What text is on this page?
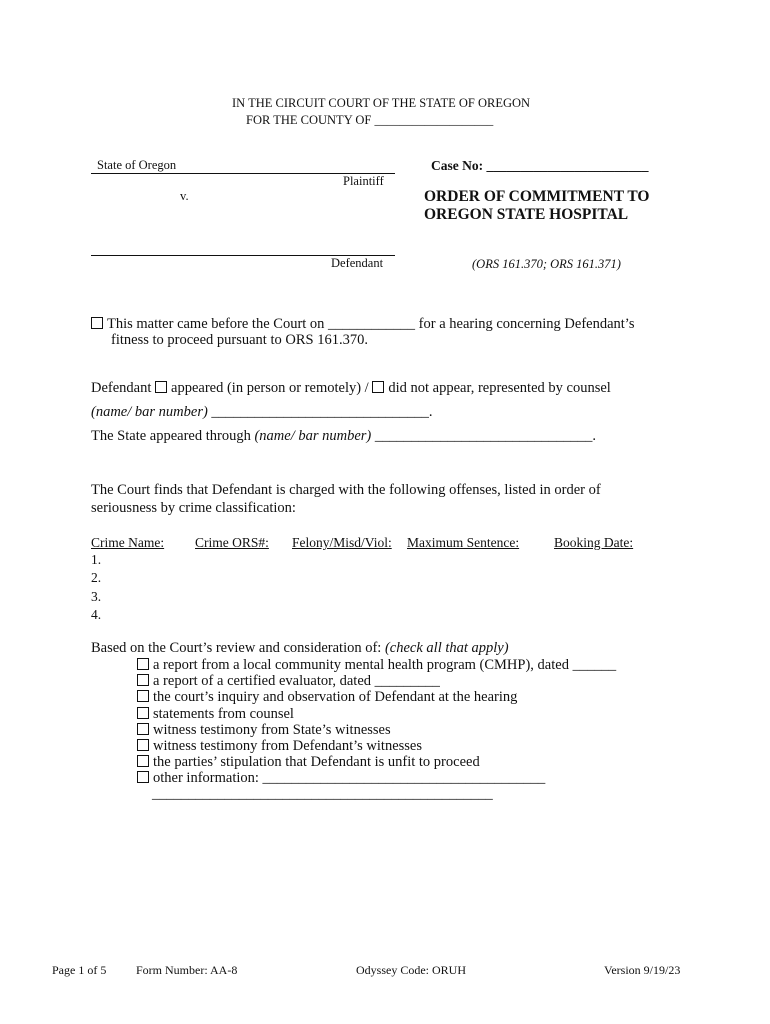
IN THE CIRCUIT COURT OF THE STATE OF OREGON
FOR THE COUNTY OF ___________________
State of Oregon
Plaintiff
v.
Defendant
Case No: ________________________
ORDER OF COMMITMENT TO
OREGON STATE HOSPITAL
(ORS 161.370; ORS 161.371)
This matter came before the Court on ____________ for a hearing concerning Defendant’s
fitness to proceed pursuant to ORS 161.370.
Defendant appeared (in person or remotely) / did not appear, represented by counsel
(name/ bar number) ______________________________.
The State appeared through (name/ bar number) ______________________________.
The Court finds that Defendant is charged with the following offenses, listed in order of
seriousness by crime classification:
Crime Name: Crime ORS#: Felony/Misd/Viol: Maximum Sentence:	Booking Date:
1.
2.
3.
4.
Based on the Court’s review and consideration of: (check all that apply)
a report from a local community mental health program (CMHP), dated ______
a report of a certified evaluator, dated _________
the court’s inquiry and observation of Defendant at the hearing
statements from counsel
witness testimony from State’s witnesses
witness testimony from Defendant’s witnesses
the parties’ stipulation that Defendant is unfit to proceed
other information: _______________________________________
_______________________________________________
Page 1 of 5 Form Number: AA-8	Odyssey Code: ORUH	Version 9/19/23
